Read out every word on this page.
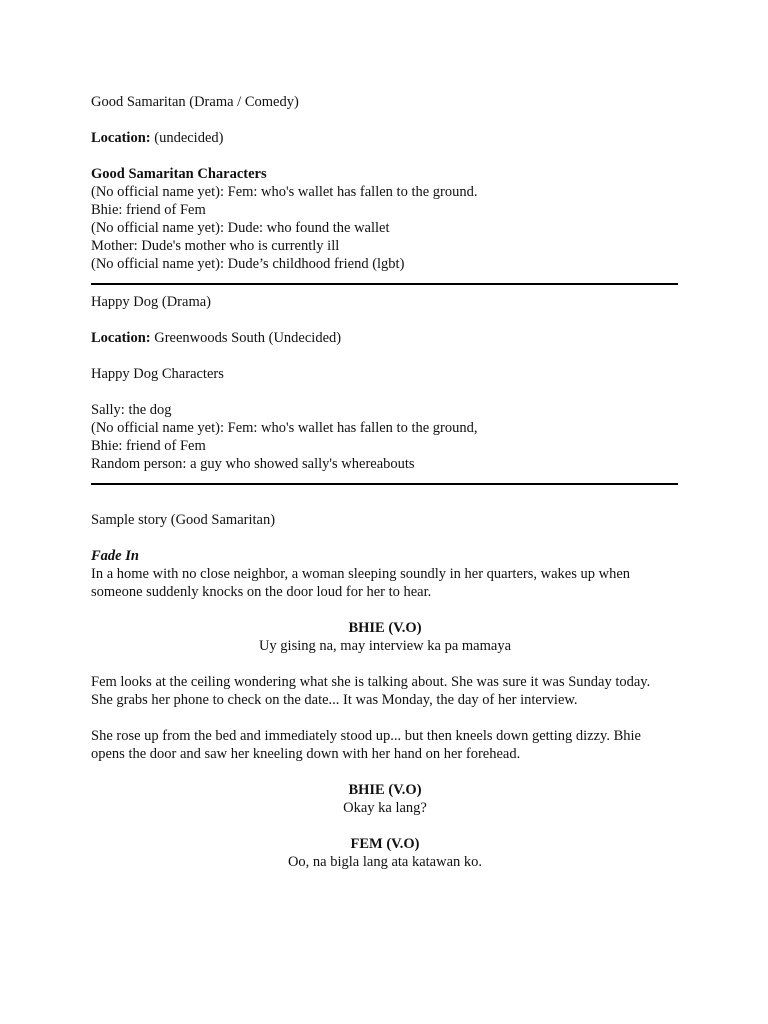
Good Samaritan (Drama / Comedy)
Location: (undecided)
Good Samaritan Characters
(No official name yet): Fem: who's wallet has fallen to the ground.
Bhie: friend of Fem
(No official name yet): Dude: who found the wallet
Mother: Dude's mother who is currently ill
(No official name yet): Dude’s childhood friend (lgbt)
Happy Dog (Drama)
Location: Greenwoods South (Undecided)
Happy Dog Characters
Sally: the dog
(No official name yet): Fem: who's wallet has fallen to the ground,
Bhie: friend of Fem
Random person: a guy who showed sally's whereabouts
Sample story (Good Samaritan)
Fade In
In a home with no close neighbor, a woman sleeping soundly in her quarters, wakes up when
someone suddenly knocks on the door loud for her to hear.
BHIE (V.O)
Uy gising na, may interview ka pa mamaya
Fem looks at the ceiling wondering what she is talking about. She was sure it was Sunday today.
She grabs her phone to check on the date... It was Monday, the day of her interview.
She rose up from the bed and immediately stood up... but then kneels down getting dizzy. Bhie
opens the door and saw her kneeling down with her hand on her forehead.
BHIE (V.O)
Okay ka lang?
FEM (V.O)
Oo, na bigla lang ata katawan ko.
